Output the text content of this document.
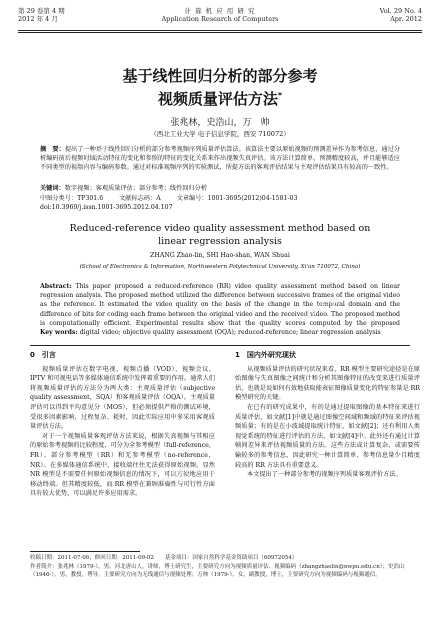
第 29 卷第 4 期
2012 年 4 月
计 算 机 应 用 研 究
Application Research of Computers
Vol. 29 No. 4
Apr. 2012
基于线性回归分析的部分参考
视频质量评估方法*
张兆林，史浩山，万　帅
（西北工业大学 电子信息学院，西安 710072）
摘　要：提出了一种基于线性回归分析的部分参考视频序列质量评估算法。该算法主要以原始视频的预测差异作为参考信息，通过分析编码前后视频时域活动特征的变化和参照的特征的变化关系来作出视频失真评估。该方法计算简单，预测精度较高，并且能够适应不同类型的视频内容与编码参数。通过对标准视频序列的实验测试，所提方法的客观评估结果与主观评估结果具有较高的一致性。
关键词：数字视频；客观质量评估；部分参考；线性回归分析
中图分类号：TP301.6	文献标志码：A	文章编号：1001-3695(2012)04-1581-03
doi:10.3969/j.issn.1001-3695.2012.04.107
Reduced-reference video quality assessment method based on
linear regression analysis
ZHANG Zhao-lin, SHI Hao-shan, WAN Shuai
(School of Electronics & Information, Northwestern Polytechnical University, Xi'an 710072, China)
Abstract: This paper proposed a reduced-reference (RR) video quality assessment method based on linear regression analysis. The proposed method utilized the difference between successive frames of the original video as the reference. It estimated the video quality on the basis of the change in the temporal domain and the difference of bits for coding each frame between the original video and the received video. The proposed method is computationally efficient. Experimental results show that the quality scores computed by the proposed
Key words: digital video; objective quality assessment (OQA); reduced-reference; linear regression analysis
0　引言

视频质量评估在数字电视、视频点播（VOD）、视频会议、IPTV 和可视电话等多媒体通信系统中发挥着重要的作用。通常人们将视频质量评估的方法分为两大类：主观质量评估（subjective quality assessment，SQA）和客观质量评估（OQA）。主观质量评估可以得到平均意见分（MOS），但必须提供严格的测试环境，受很多因素影响，过程复杂、耗时，因此实际应用中多采用客观质量评估方法。

对于一个视频质量客观评估方法来说，根据失真视频与其相应的原始参考视频的比较程度，可分为全参考模型（full-reference，FR）、部分参考模型（RR）和无参考模型（no-reference，NR）。在多媒体通信系统中，接收端往往无法获得原始视频。显然 NR 模型是不需要任何原始视频信息的情况下，可以方便地应用于移动终端。但其精度较低，而 RR 模型在兼顾准确性与可行性方面具有较大优势，可以满足许多应用需求。

1　国内外研究现状

从视频质量评估的研究状况来看，RR 模型主要研究途径是在原始图像与失真图像之间统计和分析其图像特征的改变来进行质量评估，也就是说如何有效地获取能表征图像质量变化的特征参量是 RR 模型研究的关键。

在已有的研究成果中，有的是通过提取图像的基本特征来进行质量评估，如文献[1]中就是通过图像空间域和频域的特征来评估视频质量；有的是在小波域提取统计特征，如文献[2]；还有利用人类视觉系统的特征进行评估的方法，如文献[4]中。此外还有通过计算帧间差异来评估视频质量的方法。这些方法或计算复杂，或需要传输较多的参考信息，因此研究一种计算简单、参考信息量少且精度较高的 RR 方法具有重要意义。

本文提出了一种部分参考的视频序列质量客观评价方法。

收稿日期：2011-07-06；修回日期：2011-09-02　　基金项目：国家自然科学基金资助项目（60972054）
作者简介：张兆林（1979-），男，河北唐山人，讲师，博士研究生，主要研究方向为视频质量评估、视频编码（zhangzhaolin@nwpu.edu.cn）；史浩山（1946-），男，教授，博导，主要研究方向为无线通信与视频处理；万帅（1979-），女，副教授，博士，主要研究方向为视频编码与视频通信。
文档下载
文档下载
文档下载
